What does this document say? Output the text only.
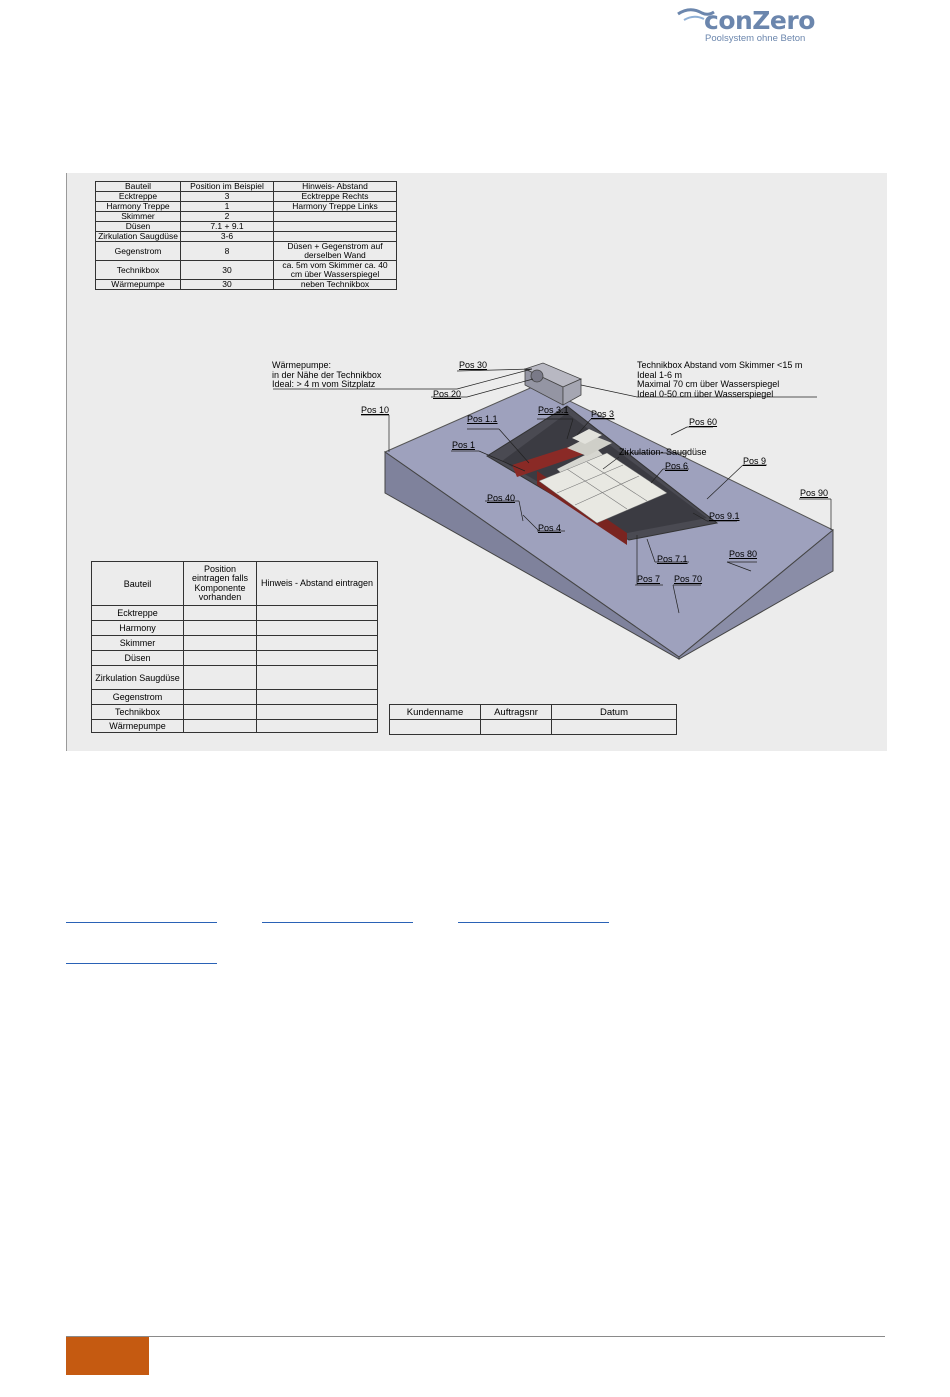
conZero
Poolsystem ohne Beton
Bauteil	Position im Beispiel	Hinweis- Abstand
Ecktreppe	3	Ecktreppe Rechts
Harmony Treppe	1	Harmony Treppe Links
Skimmer	2	
Düsen	7.1 + 9.1	
Zirkulation Saugdüse	3-6	
Gegenstrom	8	Düsen + Gegenstrom auf derselben Wand
Technikbox	30	ca. 5m vom Skimmer ca. 40 cm über Wasserspiegel
Wärmepumpe	30	neben Technikbox
Wärmepumpe:
in der Nähe der Technikbox
Ideal: > 4 m vom Sitzplatz
Technikbox Abstand vom Skimmer <15 m
Ideal 1-6 m
Maximal 70 cm über Wasserspiegel
Ideal 0-50 cm über Wasserspiegel
Zirkulation- Saugdüse
Pos 30
Pos 20
Pos 10	Pos 3.1 Pos 3
Pos 60
Pos 1.1
Pos 1
Pos 6	Pos 9
Pos 90
Pos 40
Pos 9.1
Pos 4
Pos 7.1	Pos 80
Pos 7 Pos 70
Bauteil	Position eintragen falls Komponente vorhanden	Hinweis - Abstand eintragen
Ecktreppe		
Harmony		
Skimmer		
Düsen		
Zirkulation Saugdüse		
Gegenstrom		
Technikbox		
Wärmepumpe		
Kundenname	Auftragsnr	Datum
